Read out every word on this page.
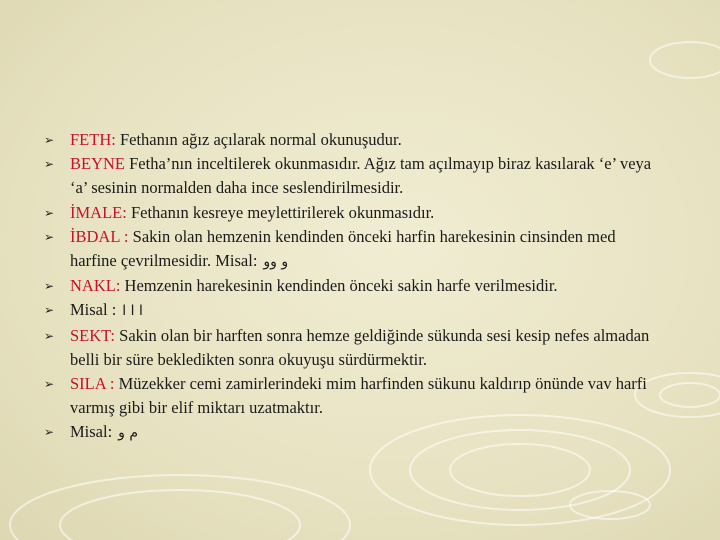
➢ FETH: Fethanın ağız açılarak normal okunuşudur.
➢ BEYNE Fetha’nın inceltilerek okunmasıdır. Ağız tam açılmayıp biraz kasılarak ‘e’ veya ‘a’ sesinin normalden daha ince seslendirilmesidir.
➢ İMALE: Fethanın kesreye meylettirilerek okunmasıdır.
➢ İBDAL : Sakin olan hemzenin kendinden önceki harfin harekesinin cinsinden med harfine çevrilmesidir. Misal: و وو
➢ NAKL: Hemzenin harekesinin kendinden önceki sakin harfe verilmesidir.
➢ Misal : ا ا ا
➢ SEKT: Sakin olan bir harften sonra hemze geldiğinde sükunda sesi kesip nefes almadan belli bir süre bekledikten sonra okuyuşu sürdürmektir.
➢ SILA : Müzekker cemi zamirlerindeki mim harfinden sükunu kaldırıp önünde vav harfi varmış gibi bir elif miktarı uzatmaktır.
➢ Misal: م و
